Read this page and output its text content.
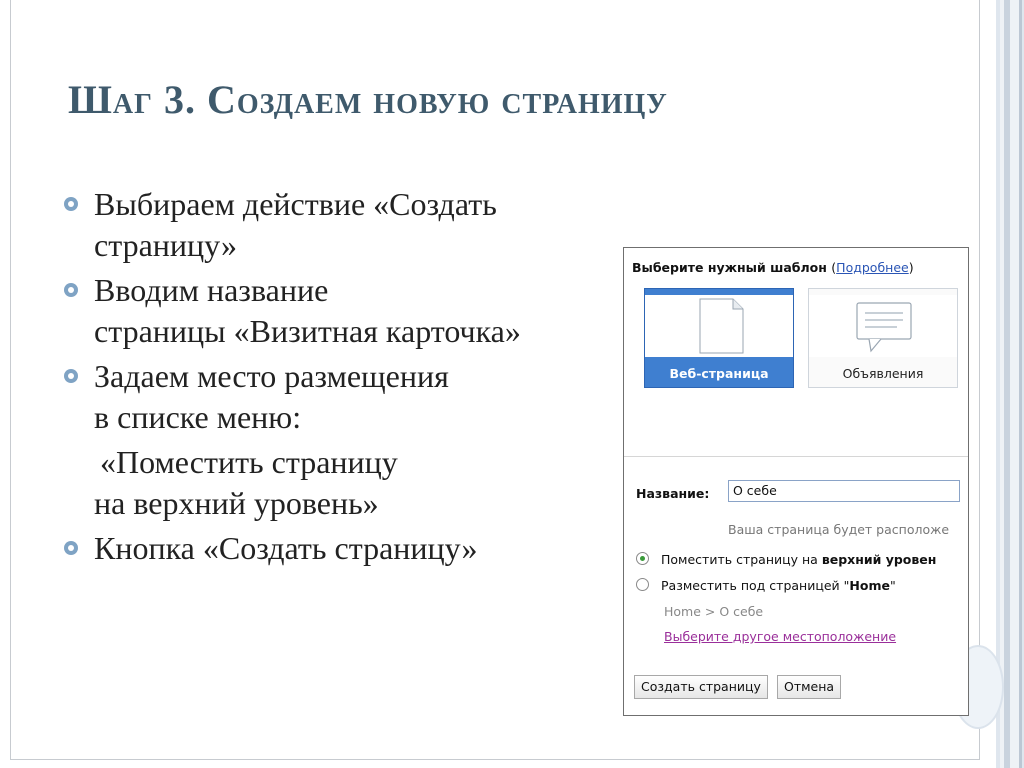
Шаг 3. Создаем новую страницу
Выбираем действие «Создать страницу»
Вводим название
страницы «Визитная карточка»
Задаем место размещения
в списке меню:
«Поместить страницу
на верхний уровень»
Кнопка «Создать страницу»
Выберите нужный шаблон (Подробнее)
Веб-страница	Объявления
Название:	О себе
Ваша страница будет расположе
Поместить страницу на верхний уровен
Разместить под страницей "Home"
Home > О себе
Выберите другое местоположение
Создать страницу	Отмена
